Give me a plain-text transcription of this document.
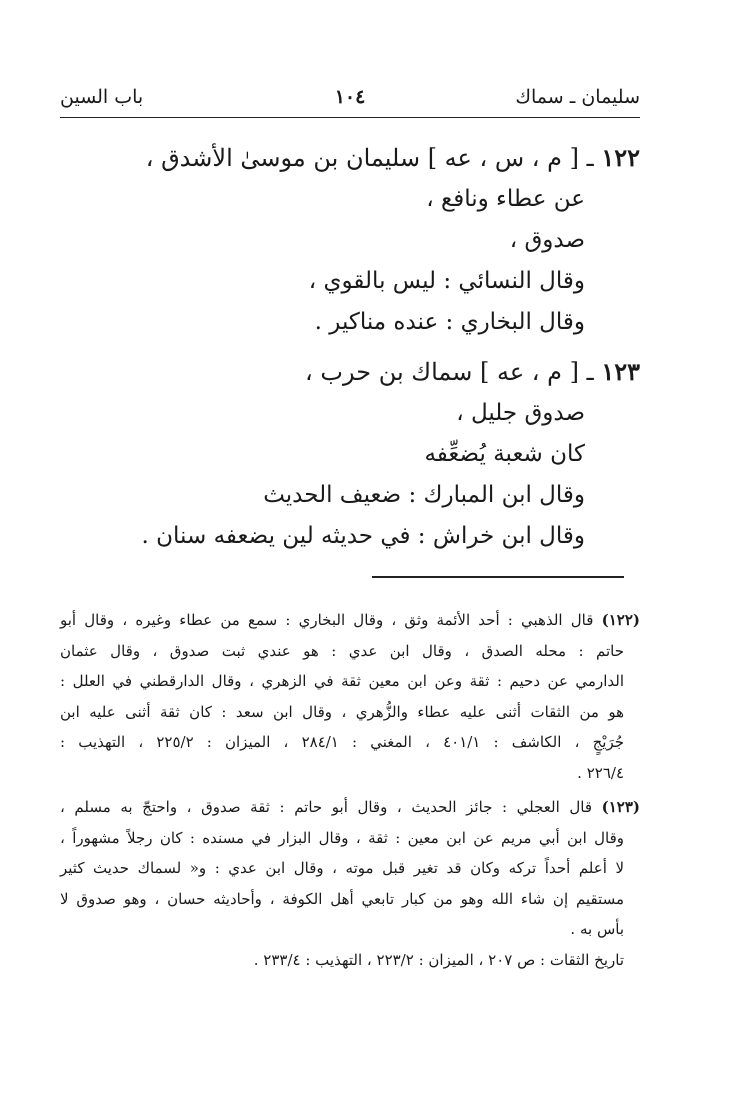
سليمان ـ سماك
١٠٤
باب السين
١٢٢ ـ [ م ، س ، عه ] سليمان بن موسىٰ الأشدق ،
عن عطاء ونافع ،
صدوق ،
وقال النسائي : ليس بالقوي ،
وقال البخاري : عنده مناكير .
١٢٣ ـ [ م ، عه ] سماك بن حرب ،
صدوق جليل ،
كان شعبة يُضعِّفه
وقال ابن المبارك : ضعيف الحديث
وقال ابن خراش : في حديثه لين يضعفه سنان .
(١٢٢) قال الذهبي : أحد الأئمة وثق ، وقال البخاري : سمع من عطاء وغيره ، وقال أبو
حاتم : محله الصدق ، وقال ابن عدي : هو عندي ثبت صدوق ، وقال عثمان
الدارمي عن دحيم : ثقة وعن ابن معين ثقة في الزهري ، وقال الدارقطني في العلل :
هو من الثقات أثنى عليه عطاء والزُّهري ، وقال ابن سعد : كان ثقة أثنى عليه ابن
جُرَيْجٍ ، الكاشف : ٤٠١/١ ، المغني : ٢٨٤/١ ، الميزان : ٢٢٥/٢ ، التهذيب :
٢٢٦/٤ .
(١٢٣) قال العجلي : جائز الحديث ، وقال أبو حاتم : ثقة صدوق ، واحتجّ به مسلم ،
وقال ابن أبي مريم عن ابن معين : ثقة ، وقال البزار في مسنده : كان رجلاً مشهوراً ،
لا أعلم أحداً تركه وكان قد تغير قبل موته ، وقال ابن عدي : و« لسماك حديث كثير
مستقيم إن شاء الله وهو من كبار تابعي أهل الكوفة ، وأحاديثه حسان ، وهو صدوق لا
بأس به .
تاريخ الثقات : ص ٢٠٧ ، الميزان : ٢٢٣/٢ ، التهذيب : ٢٣٣/٤ .
